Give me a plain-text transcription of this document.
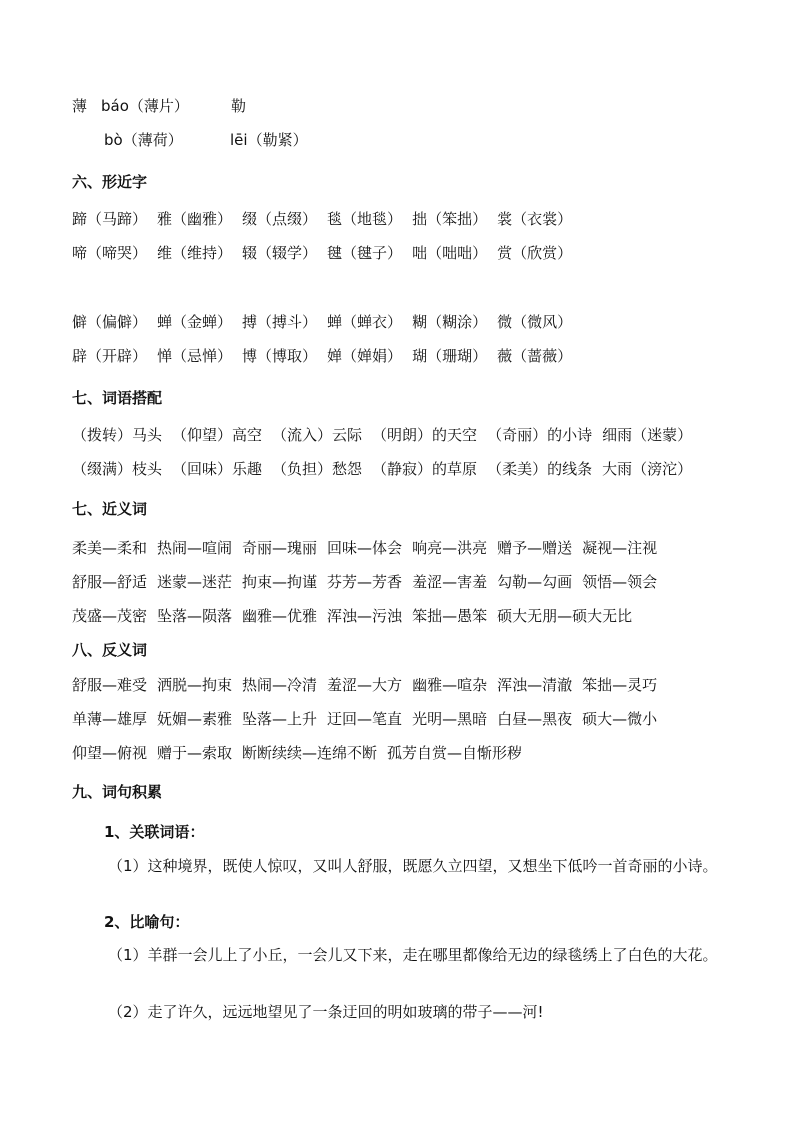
薄 báo（薄片）	勒
bò（薄荷）	lēi（勒紧）
六、形近字
蹄（马蹄） 雅（幽雅） 缀（点缀） 毯（地毯） 拙（笨拙） 裳（衣裳）
啼（啼哭） 维（维持） 辍（辍学） 毽（毽子） 咄（咄咄） 赏（欣赏）
僻（偏僻） 蝉（金蝉） 搏（搏斗） 蝉（蝉衣） 糊（糊涂） 微（微风）
辟（开辟） 惮（忌惮） 博（博取） 婵（婵娟） 瑚（珊瑚） 薇（蔷薇）
七、词语搭配
（拨转）马头 （仰望）高空 （流入）云际 （明朗）的天空 （奇丽）的小诗 细雨（迷蒙）
（缀满）枝头 （回味）乐趣 （负担）愁怨 （静寂）的草原 （柔美）的线条 大雨（滂沱）
七、近义词
柔美—柔和 热闹—喧闹 奇丽—瑰丽 回味—体会 响亮—洪亮 赠予—赠送 凝视—注视
舒服—舒适 迷蒙—迷茫 拘束—拘谨 芬芳—芳香 羞涩—害羞 勾勒—勾画 领悟—领会
茂盛—茂密 坠落—陨落 幽雅—优雅 浑浊—污浊 笨拙—愚笨 硕大无朋—硕大无比
八、反义词
舒服—难受 洒脱—拘束 热闹—冷清 羞涩—大方 幽雅—喧杂 浑浊—清澈 笨拙—灵巧
单薄—雄厚 妩媚—素雅 坠落—上升 迂回—笔直 光明—黑暗 白昼—黑夜 硕大—微小
仰望—俯视 赠于—索取 断断续续—连绵不断 孤芳自赏—自惭形秽
九、词句积累
1、关联词语：
（1）这种境界，既使人惊叹，又叫人舒服，既愿久立四望，又想坐下低吟一首奇丽的小诗。
2、比喻句：
（1）羊群一会儿上了小丘，一会儿又下来，走在哪里都像给无边的绿毯绣上了白色的大花。
（2）走了许久，远远地望见了一条迂回的明如玻璃的带子——河!
